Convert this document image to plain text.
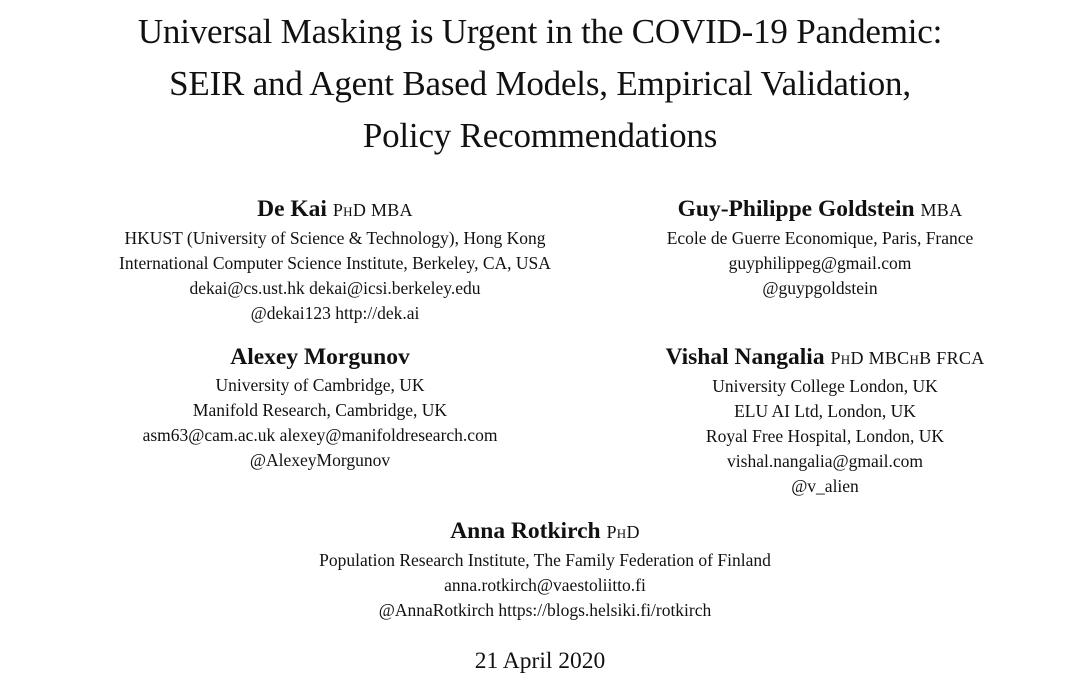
Universal Masking is Urgent in the COVID-19 Pandemic:
SEIR and Agent Based Models, Empirical Validation,
Policy Recommendations
De Kai PhD MBA
HKUST (University of Science & Technology), Hong Kong
International Computer Science Institute, Berkeley, CA, USA
dekai@cs.ust.hk dekai@icsi.berkeley.edu
@dekai123 http://dek.ai
Guy-Philippe Goldstein MBA
Ecole de Guerre Economique, Paris, France
guyphilippeg@gmail.com
@guypgoldstein
Alexey Morgunov
University of Cambridge, UK
Manifold Research, Cambridge, UK
asm63@cam.ac.uk alexey@manifoldresearch.com
@AlexeyMorgunov
Vishal Nangalia PhD MBChB FRCA
University College London, UK
ELU AI Ltd, London, UK
Royal Free Hospital, London, UK
vishal.nangalia@gmail.com
@v_alien
Anna Rotkirch PhD
Population Research Institute, The Family Federation of Finland
anna.rotkirch@vaestoliitto.fi
@AnnaRotkirch https://blogs.helsiki.fi/rotkirch
21 April 2020
